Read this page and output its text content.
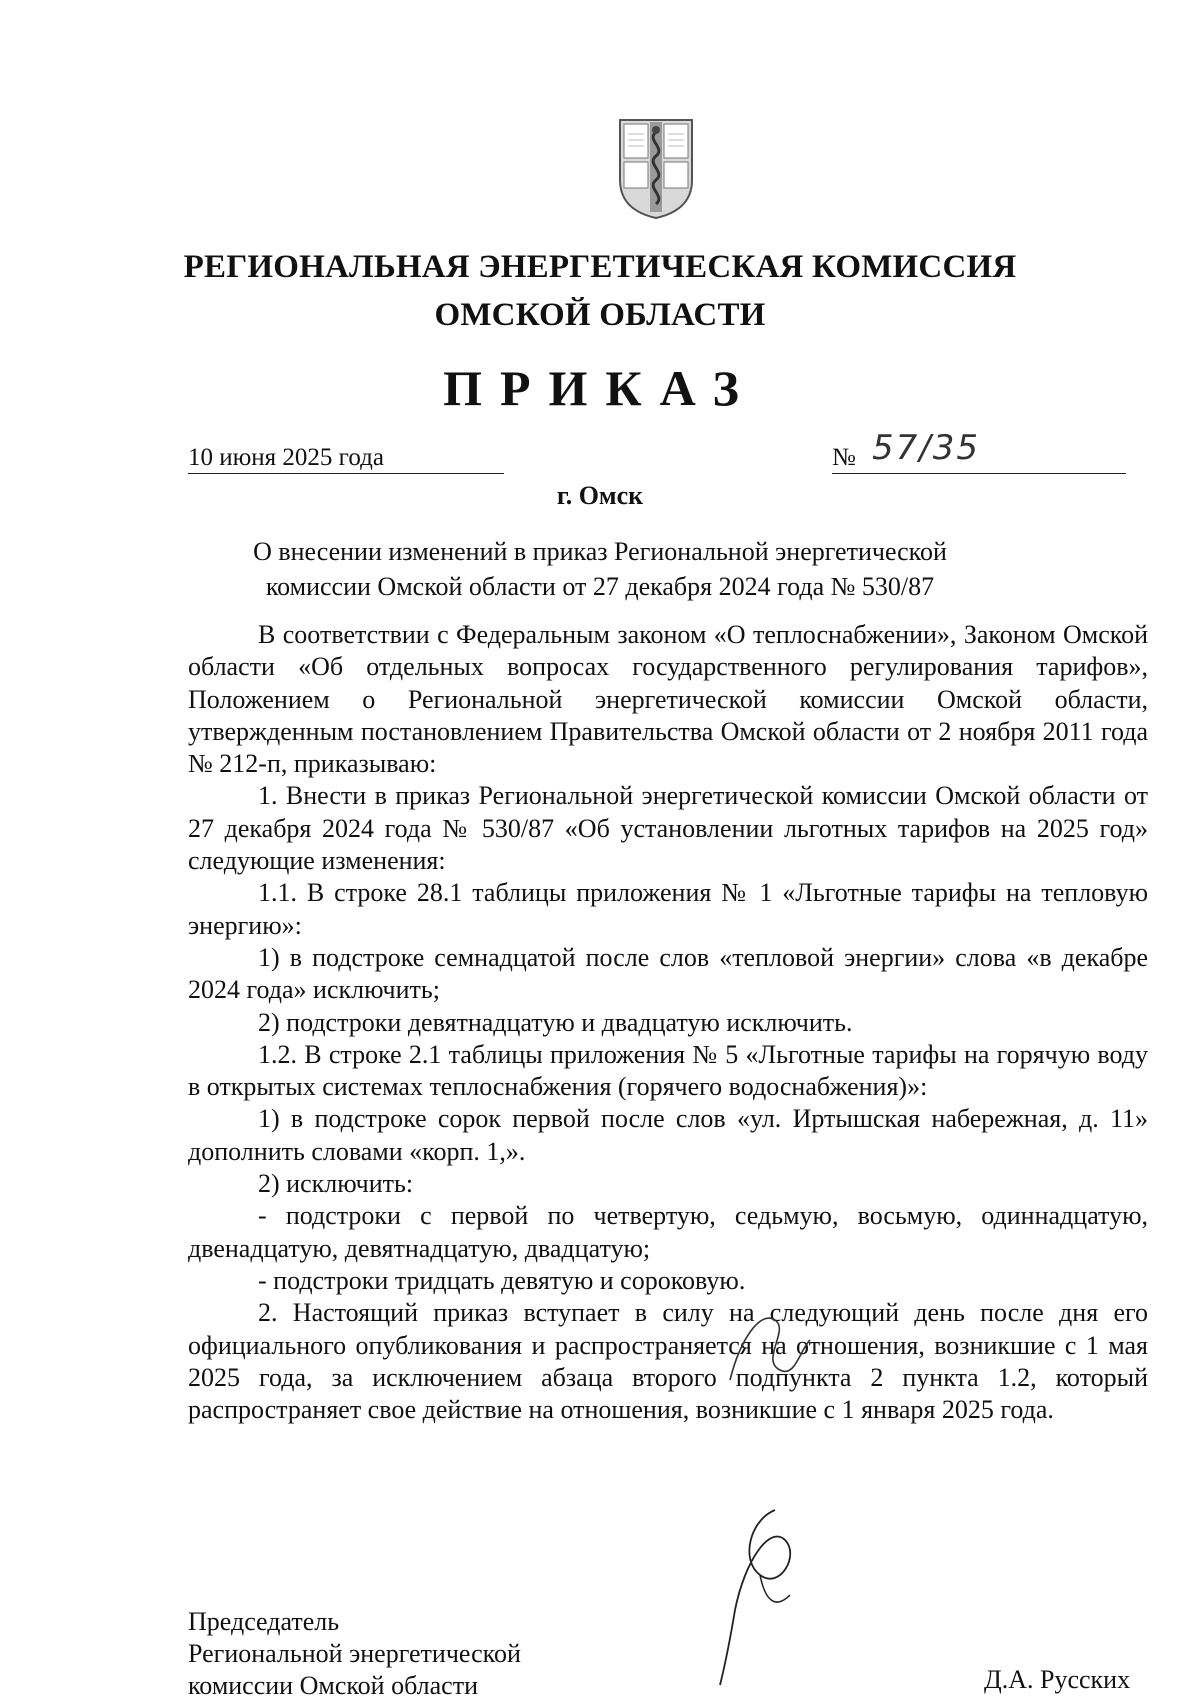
РЕГИОНАЛЬНАЯ ЭНЕРГЕТИЧЕСКАЯ КОМИССИЯ
ОМСКОЙ ОБЛАСТИ
ПРИКАЗ
10 июня 2025 года	№ 57/35
г. Омск
О внесении изменений в приказ Региональной энергетической
комиссии Омской области от 27 декабря 2024 года № 530/87

В соответствии с Федеральным законом «О теплоснабжении», Законом Омской области «Об отдельных вопросах государственного регулирования тарифов», Положением о Региональной энергетической комиссии Омской области, утвержденным постановлением Правительства Омской области от 2 ноября 2011 года № 212-п, приказываю:

1. Внести в приказ Региональной энергетической комиссии Омской области от 27 декабря 2024 года № 530/87 «Об установлении льготных тарифов на 2025 год» следующие изменения:

1.1. В строке 28.1 таблицы приложения № 1 «Льготные тарифы на тепловую энергию»:

1) в подстроке семнадцатой после слов «тепловой энергии» слова «в декабре 2024 года» исключить;

2) подстроки девятнадцатую и двадцатую исключить.

1.2. В строке 2.1 таблицы приложения № 5 «Льготные тарифы на горячую воду в открытых системах теплоснабжения (горячего водоснабжения)»:

1) в подстроке сорок первой после слов «ул. Иртышская набережная, д. 11» дополнить словами «корп. 1,».

2) исключить:

- подстроки с первой по четвертую, седьмую, восьмую, одиннадцатую, двенадцатую, девятнадцатую, двадцатую;

- подстроки тридцать девятую и сороковую.

2. Настоящий приказ вступает в силу на следующий день после дня его официального опубликования и распространяется на отношения, возникшие с 1 мая 2025 года, за исключением абзаца второго подпункта 2 пункта 1.2, который распространяет свое действие на отношения, возникшие с 1 января 2025 года.

Председатель
Региональной энергетической
комиссии Омской области	Д.А. Русских
